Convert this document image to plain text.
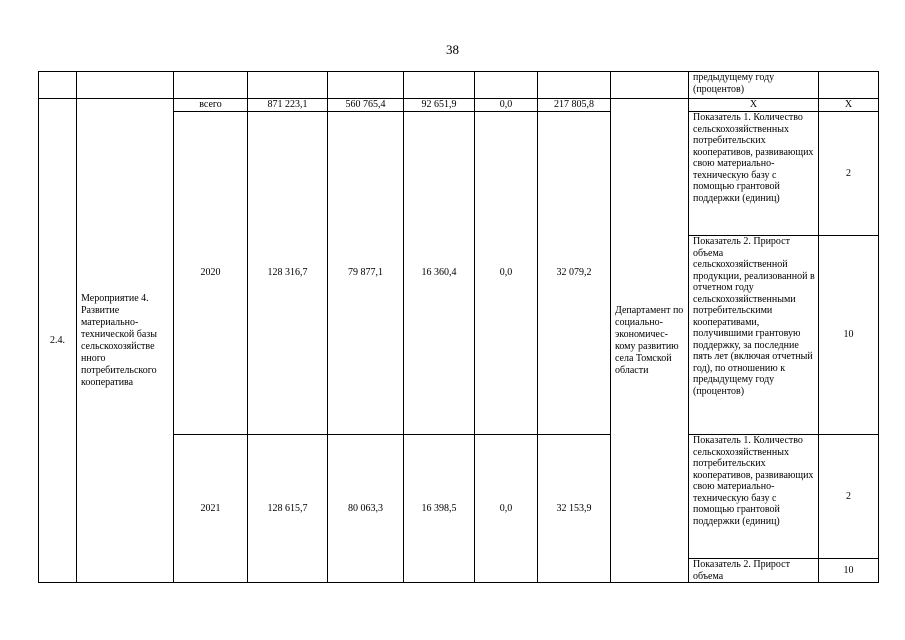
38
									предыдущему году (процентов)	
2.4.	Мероприятие 4. Развитие материально-технической базы сельскохозяйстве нного потребительского кооператива	всего	871 223,1	560 765,4	92 651,9	0,0	217 805,8	Департамент по социально-экономичес-кому развитию села Томской области	Х	Х
		2020	128 316,7	79 877,1	16 360,4	0,0	32 079,2		Показатель 1. Количество сельскохозяйственных потребительских кооперативов, развивающих свою материально-техническую базу с помощью грантовой поддержки (единиц)	2
									Показатель 2. Прирост объема сельскохозяйственной продукции, реализованной в отчетном году сельскохозяйственными потребительскими кооперативами, получившими грантовую поддержку, за последние пять лет (включая отчетный год), по отношению к предыдущему году (процентов)	10
		2021	128 615,7	80 063,3	16 398,5	0,0	32 153,9		Показатель 1. Количество сельскохозяйственных потребительских кооперативов, развивающих свою материально-техническую базу с помощью грантовой поддержки (единиц)	2
									Показатель 2. Прирост объема	10
